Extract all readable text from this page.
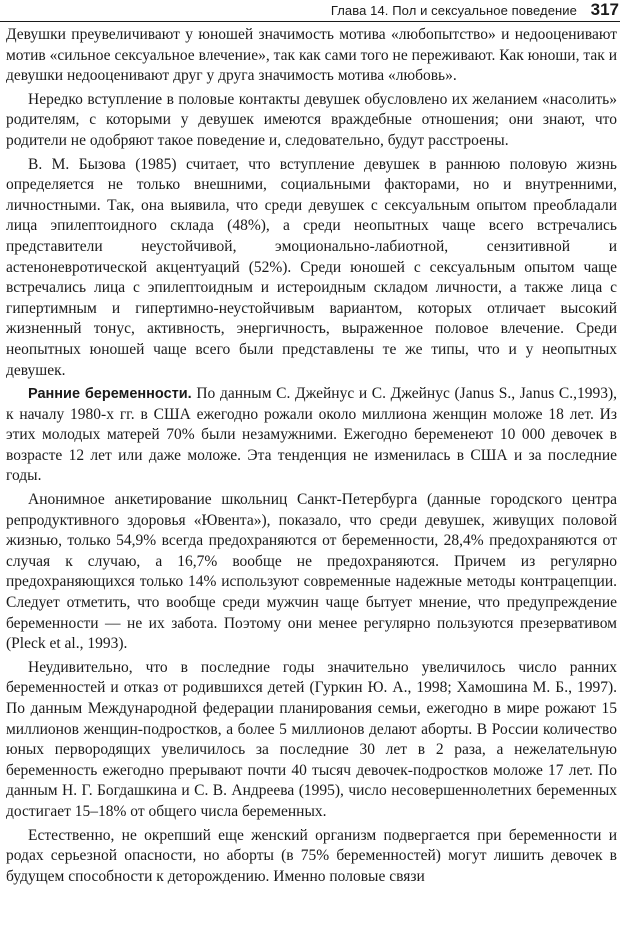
Глава 14. Пол и сексуальное поведение 317

Девушки преувеличивают у юношей значимость мотива «любопытство» и недооценивают мотив «сильное сексуальное влечение», так как сами того не переживают. Как юноши, так и девушки недооценивают друг у друга значимость мотива «любовь».

Нередко вступление в половые контакты девушек обусловлено их желанием «насолить» родителям, с которыми у девушек имеются враждебные отношения; они знают, что родители не одобряют такое поведение и, следовательно, будут расстроены.

В. М. Бызова (1985) считает, что вступление девушек в раннюю половую жизнь определяется не только внешними, социальными факторами, но и внутренними, личностными. Так, она выявила, что среди девушек с сексуальным опытом преобладали лица эпилептоидного склада (48%), а среди неопытных чаще всего встречались представители неустойчивой, эмоционально-лабиотной, сензитивной и астеноневротической акцентуаций (52%). Среди юношей с сексуальным опытом чаще встречались лица с эпилептоидным и истероидным складом личности, а также лица с гипертимным и гипертимно-неустойчивым вариантом, которых отличает высокий жизненный тонус, активность, энергичность, выраженное половое влечение. Среди неопытных юношей чаще всего были представлены те же типы, что и у неопытных девушек.

Ранние беременности. По данным С. Джейнус и С. Джейнус (Janus S., Janus C.,1993), к началу 1980-х гг. в США ежегодно рожали около миллиона женщин моложе 18 лет. Из этих молодых матерей 70% были незамужними. Ежегодно беременеют 10 000 девочек в возрасте 12 лет или даже моложе. Эта тенденция не изменилась в США и за последние годы.

Анонимное анкетирование школьниц Санкт-Петербурга (данные городского центра репродуктивного здоровья «Ювента»), показало, что среди девушек, живущих половой жизнью, только 54,9% всегда предохраняются от беременности, 28,4% предохраняются от случая к случаю, а 16,7% вообще не предохраняются. Причем из регулярно предохраняющихся только 14% используют современные надежные методы контрацепции. Следует отметить, что вообще среди мужчин чаще бытует мнение, что предупреждение беременности — не их забота. Поэтому они менее регулярно пользуются презервативом (Pleck et al., 1993).

Неудивительно, что в последние годы значительно увеличилось число ранних беременностей и отказ от родившихся детей (Гуркин Ю. А., 1998; Хамошина М. Б., 1997). По данным Международной федерации планирования семьи, ежегодно в мире рожают 15 миллионов женщин-подростков, а более 5 миллионов делают аборты. В России количество юных первородящих увеличилось за последние 30 лет в 2 раза, а нежелательную беременность ежегодно прерывают почти 40 тысяч девочек-подростков моложе 17 лет. По данным Н. Г. Богдашкина и С. В. Андреева (1995), число несовершеннолетних беременных достигает 15–18% от общего числа беременных.

Естественно, не окрепший еще женский организм подвергается при беременности и родах серьезной опасности, но аборты (в 75% беременностей) могут лишить девочек в будущем способности к деторождению. Именно половые связи
